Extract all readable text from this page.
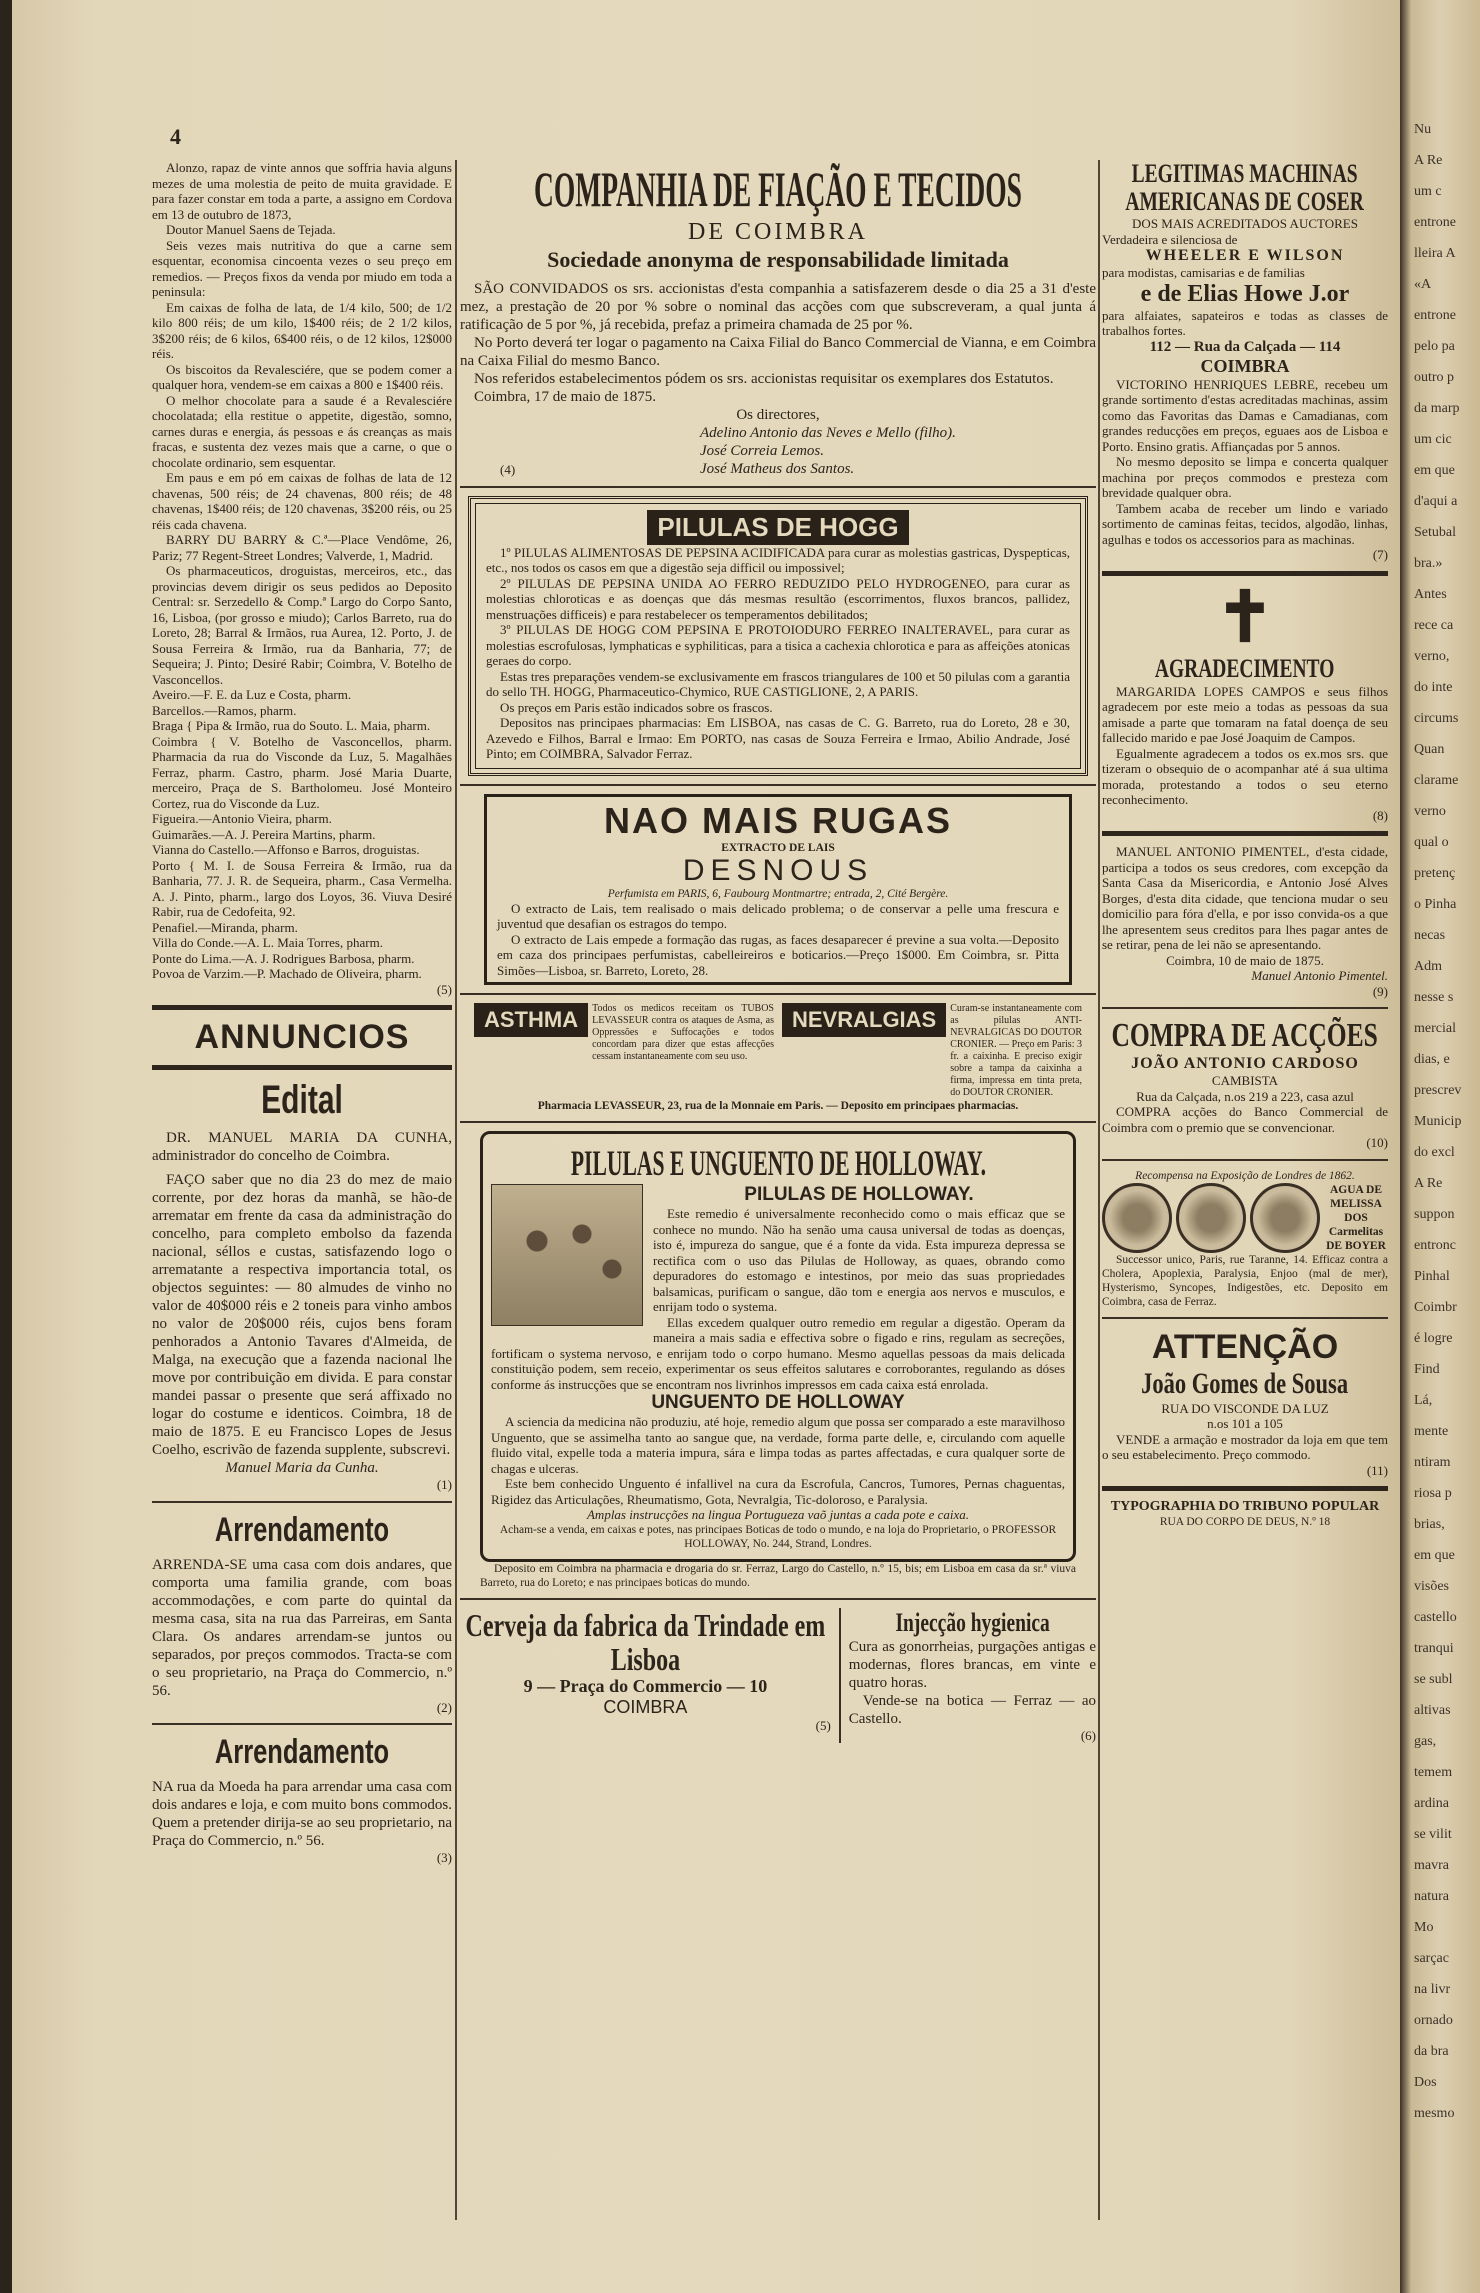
Nu
A Re
um c
entrone
lleira A
«A
entrone
pelo pa
outro p
da marp
um cic
em que
d'aqui a
Setubal
bra.»
Antes
rece ca
verno,
do inte
circums
Quan
clarame
verno
qual o
pretenç
o Pinha
necas
Adm
nesse s
mercial
dias, e
prescrev
Municip
do excl
A Re
suppon
entronc
Pinhal
Coimbr
é logre
Find
Lá,
mente
ntiram
riosa p
brias,
em que
visões
castello
tranqui
se subl
altivas
gas,
temem
ardina
se vilit
mavra
natura
Mo
sarçac
na livr
ornado
da bra
Dos
mesmo
4

Alonzo, rapaz de vinte annos que soffria havia alguns mezes de uma molestia de peito de muita gravidade. E para fazer constar em toda a parte, a assigno em Cordova em 13 de outubro de 1873,

Doutor Manuel Saens de Tejada.

Seis vezes mais nutritiva do que a carne sem esquentar, economisa cincoenta vezes o seu preço em remedios. — Preços fixos da venda por miudo em toda a peninsula:

Em caixas de folha de lata, de 1/4 kilo, 500; de 1/2 kilo 800 réis; de um kilo, 1$400 réis; de 2 1/2 kilos, 3$200 réis; de 6 kilos, 6$400 réis, o de 12 kilos, 12$000 réis.

Os biscoitos da Revalesciére, que se podem comer a qualquer hora, vendem-se em caixas a 800 e 1$400 réis.

O melhor chocolate para a saude é a Revalesciére chocolatada; ella restitue o appetite, digestão, somno, carnes duras e energia, ás pessoas e ás creanças as mais fracas, e sustenta dez vezes mais que a carne, o que o chocolate ordinario, sem esquentar.

Em paus e em pó em caixas de folhas de lata de 12 chavenas, 500 réis; de 24 chavenas, 800 réis; de 48 chavenas, 1$400 réis; de 120 chavenas, 3$200 réis, ou 25 réis cada chavena.

BARRY DU BARRY & C.ª—Place Vendôme, 26, Pariz; 77 Regent-Street Londres; Valverde, 1, Madrid.

Os pharmaceuticos, droguistas, merceiros, etc., das provincias devem dirigir os seus pedidos ao Deposito Central: sr. Serzedello & Comp.ª Largo do Corpo Santo, 16, Lisboa, (por grosso e miudo); Carlos Barreto, rua do Loreto, 28; Barral & Irmãos, rua Aurea, 12. Porto, J. de Sousa Ferreira & Irmão, rua da Banharia, 77; de Sequeira; J. Pinto; Desiré Rabir; Coimbra, V. Botelho de Vasconcellos.

Aveiro.—F. E. da Luz e Costa, pharm.

Barcellos.—Ramos, pharm.

Braga { Pipa & Irmão, rua do Souto. L. Maia, pharm.

Coimbra { V. Botelho de Vasconcellos, pharm. Pharmacia da rua do Visconde da Luz, 5. Magalhães Ferraz, pharm. Castro, pharm. José Maria Duarte, merceiro, Praça de S. Bartholomeu. José Monteiro Cortez, rua do Visconde da Luz.

Figueira.—Antonio Vieira, pharm.

Guimarães.—A. J. Pereira Martins, pharm.

Vianna do Castello.—Affonso e Barros, droguistas.

Porto { M. I. de Sousa Ferreira & Irmão, rua da Banharia, 77. J. R. de Sequeira, pharm., Casa Vermelha. A. J. Pinto, pharm., largo dos Loyos, 36. Viuva Desiré Rabir, rua de Cedofeita, 92.

Penafiel.—Miranda, pharm.

Villa do Conde.—A. L. Maia Torres, pharm.

Ponte do Lima.—A. J. Rodrigues Barbosa, pharm.

Povoa de Varzim.—P. Machado de Oliveira, pharm.

(5)

ANNUNCIOS
Edital

DR. MANUEL MARIA DA CUNHA, administrador do concelho de Coimbra.

FAÇO saber que no dia 23 do mez de maio corrente, por dez horas da manhã, se hão-de arrematar em frente da casa da administração do concelho, para completo embolso da fazenda nacional, séllos e custas, satisfazendo logo o arrematante a respectiva importancia total, os objectos seguintes: — 80 almudes de vinho no valor de 40$000 réis e 2 toneis para vinho ambos no valor de 20$000 réis, cujos bens foram penhorados a Antonio Tavares d'Almeida, de Malga, na execução que a fazenda nacional lhe move por contribuição em divida. E para constar mandei passar o presente que será affixado no logar do costume e identicos. Coimbra, 18 de maio de 1875. E eu Francisco Lopes de Jesus Coelho, escrivão de fazenda supplente, subscrevi.

Manuel Maria da Cunha.

(1)

Arrendamento

ARRENDA-SE uma casa com dois andares, que comporta uma familia grande, com boas accommodações, e com parte do quintal da mesma casa, sita na rua das Parreiras, em Santa Clara. Os andares arrendam-se juntos ou separados, por preços commodos. Tracta-se com o seu proprietario, na Praça do Commercio, n.º 56.

(2)

Arrendamento

NA rua da Moeda ha para arrendar uma casa com dois andares e loja, e com muito bons commodos. Quem a pretender dirija-se ao seu proprietario, na Praça do Commercio, n.º 56.

(3)

COMPANHIA DE FIAÇÃO E TECIDOS

DE COIMBRA

Sociedade anonyma de responsabilidade limitada

SÃO CONVIDADOS os srs. accionistas d'esta companhia a satisfazerem desde o dia 25 a 31 d'este mez, a prestação de 20 por % sobre o nominal das acções com que subscreveram, a qual junta á ratificação de 5 por %, já recebida, prefaz a primeira chamada de 25 por %.

No Porto deverá ter logar o pagamento na Caixa Filial do Banco Commercial de Vianna, e em Coimbra na Caixa Filial do mesmo Banco.

Nos referidos estabelecimentos pódem os srs. accionistas requisitar os exemplares dos Estatutos.

Coimbra, 17 de maio de 1875.

Os directores,

Adelino Antonio das Neves e Mello (filho).

José Correia Lemos.

José Matheus dos Santos.

(4)

PILULAS DE HOGG

1º PILULAS ALIMENTOSAS DE PEPSINA ACIDIFICADA para curar as molestias gastricas, Dyspepticas, etc., nos todos os casos em que a digestão seja difficil ou impossivel;

2º PILULAS DE PEPSINA UNIDA AO FERRO REDUZIDO PELO HYDROGENEO, para curar as molestias chloroticas e as doenças que dás mesmas resultão (escorrimentos, fluxos brancos, pallidez, menstruações difficeis) e para restabelecer os temperamentos debilitados;

3º PILULAS DE HOGG COM PEPSINA E PROTOIODURO FERREO INALTERAVEL, para curar as molestias escrofulosas, lymphaticas e syphiliticas, para a tisica a cachexia chlorotica e para as affeições atonicas geraes do corpo.

Estas tres preparações vendem-se exclusivamente em frascos triangulares de 100 et 50 pilulas com a garantia do sello TH. HOGG, Pharmaceutico-Chymico, RUE CASTIGLIONE, 2, A PARIS.

Os preços em Paris estão indicados sobre os frascos.

Depositos nas principaes pharmacias: Em LISBOA, nas casas de C. G. Barreto, rua do Loreto, 28 e 30, Azevedo e Filhos, Barral e Irmao: Em PORTO, nas casas de Souza Ferreira e Irmao, Abilio Andrade, José Pinto; em COIMBRA, Salvador Ferraz.

NAO MAIS RUGAS

EXTRACTO DE LAIS

DESNOUS

Perfumista em PARIS, 6, Faubourg Montmartre; entrada, 2, Cité Bergère.

O extracto de Lais, tem realisado o mais delicado problema; o de conservar a pelle uma frescura e juventud que desafian os estragos do tempo.

O extracto de Lais empede a formação das rugas, as faces desaparecer é previne a sua volta.—Deposito em caza dos principaes perfumistas, cabelleireiros e boticarios.—Preço 1$000. Em Coimbra, sr. Pitta Simões—Lisboa, sr. Barreto, Loreto, 28.

ASTHMA	Todos os medicos receitam os TUBOS LEVASSEUR contra os ataques de Asma, as Oppressões e Suffocações e todos concordam para dizer que estas affecções cessam instantaneamente com seu uso.

NEVRALGIAS	Curam-se instantaneamente com as pilulas ANTI-NEVRALGICAS DO DOUTOR CRONIER. — Preço em Paris: 3 fr. a caixinha. E preciso exigir sobre a tampa da caixinha a firma, impressa em tinta preta, do DOUTOR CRONIER.

Pharmacia LEVASSEUR, 23, rua de la Monnaie em Paris. — Deposito em principaes pharmacias.

PILULAS E UNGUENTO DE HOLLOWAY.

PILULAS DE HOLLOWAY.

Este remedio é universalmente reconhecido como o mais efficaz que se conhece no mundo. Não ha senão uma causa universal de todas as doenças, isto é, impureza do sangue, que é a fonte da vida. Esta impureza depressa se rectifica com o uso das Pilulas de Holloway, as quaes, obrando como depuradores do estomago e intestinos, por meio das suas propriedades balsamicas, purificam o sangue, dão tom e energia aos nervos e musculos, e enrijam todo o systema.

Ellas excedem qualquer outro remedio em regular a digestão. Operam da maneira a mais sadia e effectiva sobre o figado e rins, regulam as secreções, fortificam o systema nervoso, e enrijam todo o corpo humano. Mesmo aquellas pessoas da mais delicada constituição podem, sem receio, experimentar os seus effeitos salutares e corroborantes, regulando as dóses conforme ás instrucções que se encontram nos livrinhos impressos em cada caixa está enrolada.

UNGUENTO DE HOLLOWAY

A sciencia da medicina não produziu, até hoje, remedio algum que possa ser comparado a este maravilhoso Unguento, que se assimelha tanto ao sangue que, na verdade, forma parte delle, e, circulando com aquelle fluido vital, expelle toda a materia impura, sára e limpa todas as partes affectadas, e cura qualquer sorte de chagas e ulceras.

Este bem conhecido Unguento é infallivel na cura da Escrofula, Cancros, Tumores, Pernas chaguentas, Rigidez das Articulações, Rheumatismo, Gota, Nevralgia, Tic-doloroso, e Paralysia.

Amplas instrucções na lingua Portugueza vaõ juntas a cada pote e caixa.

Acham-se a venda, em caixas e potes, nas principaes Boticas de todo o mundo, e na loja do Proprietario, o PROFESSOR HOLLOWAY, No. 244, Strand, Londres.

Deposito em Coimbra na pharmacia e drogaria do sr. Ferraz, Largo do Castello, n.º 15, bis; em Lisboa em casa da sr.ª viuva Barreto, rua do Loreto; e nas principaes boticas do mundo.

Cerveja da fabrica da Trindade em Lisboa

9 — Praça do Commercio — 10

COIMBRA

(5)

Injecção hygienica

Cura as gonorrheias, purgações antigas e modernas, flores brancas, em vinte e quatro horas.

Vende-se na botica — Ferraz — ao Castello.

(6)

LEGITIMAS MACHINAS AMERICANAS DE COSER

DOS MAIS ACREDITADOS AUCTORES

Verdadeira e silenciosa de

WHEELER E WILSON

para modistas, camisarias e de familias

e de Elias Howe J.or

para alfaiates, sapateiros e todas as classes de trabalhos fortes.

112 — Rua da Calçada — 114

COIMBRA

VICTORINO HENRIQUES LEBRE, recebeu um grande sortimento d'estas acreditadas machinas, assim como das Favoritas das Damas e Camadianas, com grandes reducções em preços, eguaes aos de Lisboa e Porto. Ensino gratis. Affiançadas por 5 annos.

No mesmo deposito se limpa e concerta qualquer machina por preços commodos e presteza com brevidade qualquer obra.

Tambem acaba de receber um lindo e variado sortimento de caminas feitas, tecidos, algodão, linhas, agulhas e todos os accessorios para as machinas.

(7)

✝
AGRADECIMENTO

MARGARIDA LOPES CAMPOS e seus filhos agradecem por este meio a todas as pessoas da sua amisade a parte que tomaram na fatal doença de seu fallecido marido e pae José Joaquim de Campos.

Egualmente agradecem a todos os ex.mos srs. que tizeram o obsequio de o acompanhar até á sua ultima morada, protestando a todos o seu eterno reconhecimento.

(8)

MANUEL ANTONIO PIMENTEL, d'esta cidade, participa a todos os seus credores, com excepção da Santa Casa da Misericordia, e Antonio José Alves Borges, d'esta dita cidade, que tenciona mudar o seu domicilio para fóra d'ella, e por isso convida-os a que lhe apresentem seus creditos para lhes pagar antes de se retirar, pena de lei não se apresentando.

Coimbra, 10 de maio de 1875.

Manuel Antonio Pimentel.

(9)

COMPRA DE ACÇÕES

JOÃO ANTONIO CARDOSO

CAMBISTA

Rua da Calçada, n.os 219 a 223, casa azul

COMPRA acções do Banco Commercial de Coimbra com o premio que se convencionar.

(10)

Recompensa na Exposição de Londres de 1862.

AGUA DE MELISSA DOS Carmelitas DE BOYER

Successor unico, Paris, rue Taranne, 14. Efficaz contra a Cholera, Apoplexia, Paralysia, Enjoo (mal de mer), Hysterismo, Syncopes, Indigestões, etc. Deposito em Coimbra, casa de Ferraz.

ATTENÇÃO

João Gomes de Sousa

RUA DO VISCONDE DA LUZ

n.os 101 a 105

VENDE a armação e mostrador da loja em que tem o seu estabelecimento. Preço commodo.

(11)

TYPOGRAPHIA DO TRIBUNO POPULAR

RUA DO CORPO DE DEUS, N.º 18
